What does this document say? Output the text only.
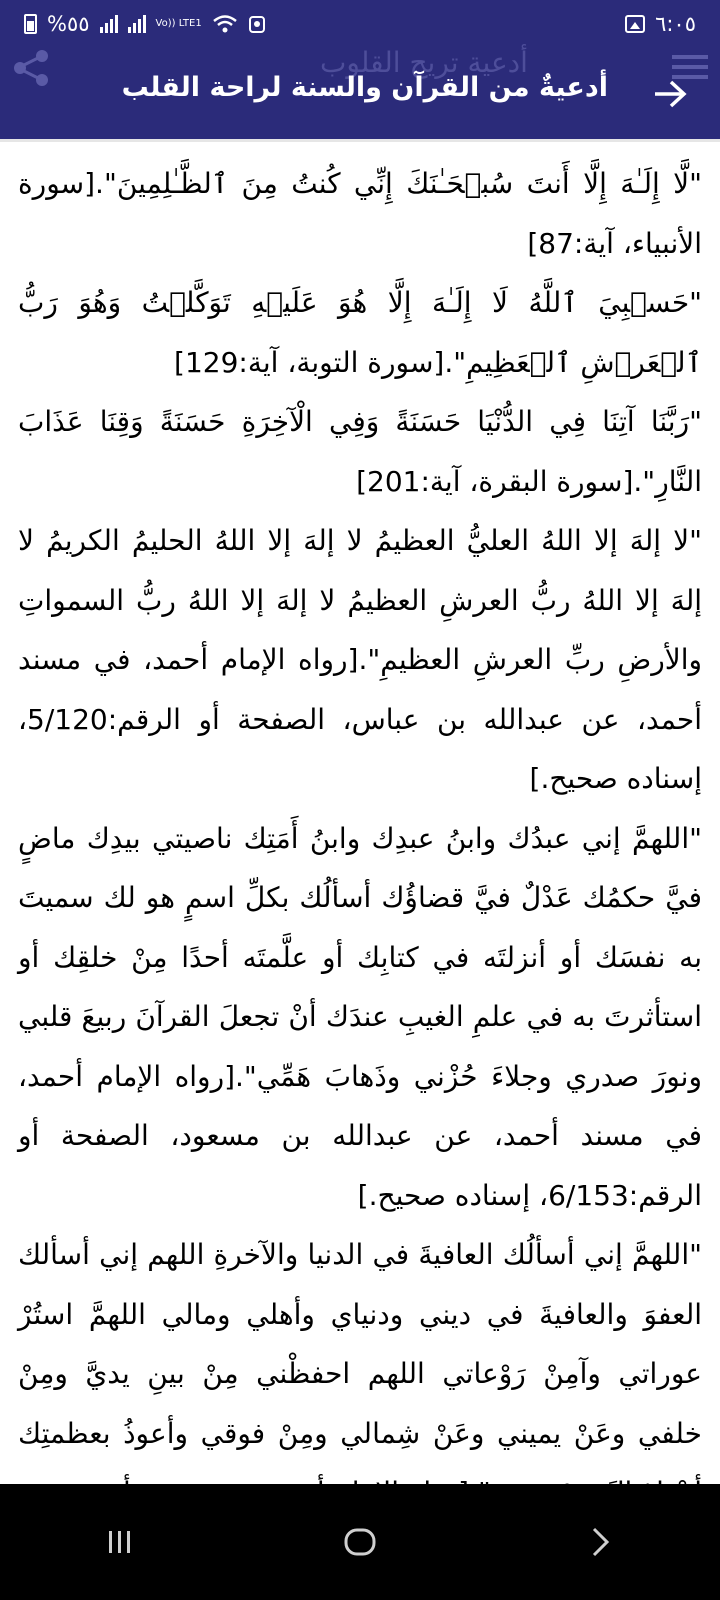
%٥٥	Vo)) LTE1	٦:٠٥
أدعية تريح القلوب
أدعيةٌ من القرآن والسنة لراحة القلب

"لَّا إِلَـٰهَ إِلَّا أَنتَ سُبۡحَـٰنَكَ إِنِّي كُنتُ مِنَ ٱلظَّـٰلِمِينَ".[سورة الأنبياء، آية:87]

"حَسۡبِيَ ٱللَّهُ لَا إِلَـٰهَ إِلَّا هُوَ عَلَيۡهِ تَوَكَّلۡتُ وَهُوَ رَبُّ ٱلۡعَرۡشِ ٱلۡعَظِيمِ".[سورة التوبة، آية:129]

"رَبَّنَا آتِنَا فِي الدُّنْيَا حَسَنَةً وَفِي الْآخِرَةِ حَسَنَةً وَقِنَا عَذَابَ النَّارِ".[سورة البقرة، آية:201]

"لا إلهَ إلا اللهُ العليُّ العظيمُ لا إلهَ إلا اللهُ الحليمُ الكريمُ لا إلهَ إلا اللهُ ربُّ العرشِ العظيمُ لا إلهَ إلا اللهُ ربُّ السمواتِ والأرضِ ربِّ العرشِ العظيمِ".[رواه الإمام أحمد، في مسند أحمد، عن عبدالله بن عباس، الصفحة أو الرقم:5/120، إسناده صحيح.]

"اللهمَّ إني عبدُك وابنُ عبدِك وابنُ أَمَتِك ناصيتي بيدِك ماضٍ فيَّ حكمُك عَدْلٌ فيَّ قضاؤُك أسألُك بكلِّ اسمٍ هو لك سميتَ به نفسَك أو أنزلتَه في كتابِك أو علَّمتَه أحدًا مِنْ خلقِك أو استأثرتَ به في علمِ الغيبِ عندَك أنْ تجعلَ القرآنَ ربيعَ قلبي ونورَ صدري وجلاءَ حُزْني وذَهابَ هَمِّي".[رواه الإمام أحمد، في مسند أحمد، عن عبدالله بن مسعود، الصفحة أو الرقم:6/153، إسناده صحيح.]

"اللهمَّ إني أسألُك العافيةَ في الدنيا والآخرةِ اللهم إني أسألك العفوَ والعافيةَ في ديني ودنياي وأهلي ومالي اللهمَّ استُرْ عوراتي وآمِنْ رَوْعاتي اللهم احفظْني مِنْ بينِ يديَّ ومِنْ خلفي وعَنْ يميني وعَنْ شِمالي ومِنْ فوقي وأعوذُ بعظمتِك
